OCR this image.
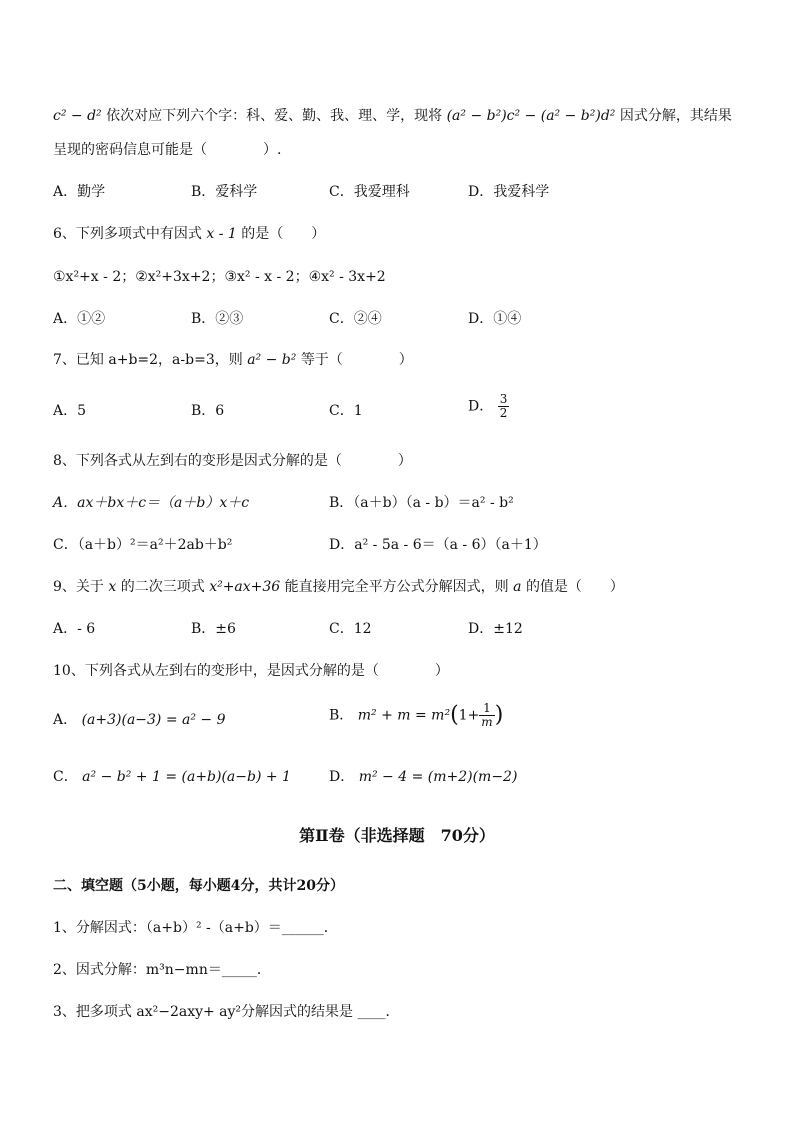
c² − d² 依次对应下列六个字：科、爱、勤、我、理、学，现将 (a² − b²)c² − (a² − b²)d² 因式分解，其结果
呈现的密码信息可能是（　　　　）.
A．勤学	B．爱科学	C．我爱理科	D．我爱科学
6、下列多项式中有因式 x - 1 的是（　　）
①x²+x - 2；②x²+3x+2；③x² - x - 2；④x² - 3x+2
A．①②	B．②③	C．②④	D．①④
7、已知 a+b=2，a-b=3，则 a² − b² 等于（　　　　）
A．5	B．6	C．1	D． $\frac{3}{2}$
8、下列各式从左到右的变形是因式分解的是（　　　　）
A．ax＋bx＋c＝（a＋b）x＋c	B．（a＋b）（a - b）＝a² - b²
C．（a＋b）²＝a²＋2ab＋b²	D．a² - 5a - 6＝（a - 6）（a＋1）
9、关于 x 的二次三项式 x²+ax+36 能直接用完全平方公式分解因式，则 a 的值是（　　）
A．- 6	B．±6	C．12	D．±12
10、下列各式从左到右的变形中，是因式分解的是（　　　　）
A． (a+3)(a−3) = a² − 9	B． $m^2 + m = m^2(1+ \frac{1}{m}$ )
C． a² − b² + 1 = (a+b)(a−b) + 1	D． m² − 4 = (m+2)(m−2)
第Ⅱ卷（非选择题　70分）
二、填空题（5小题，每小题4分，共计20分）
1、分解因式：（a+b）² -（a+b）＝______．
2、因式分解：m³n−mn＝_____．
3、把多项式 ax²−2axy+ ay²分解因式的结果是 ____．
